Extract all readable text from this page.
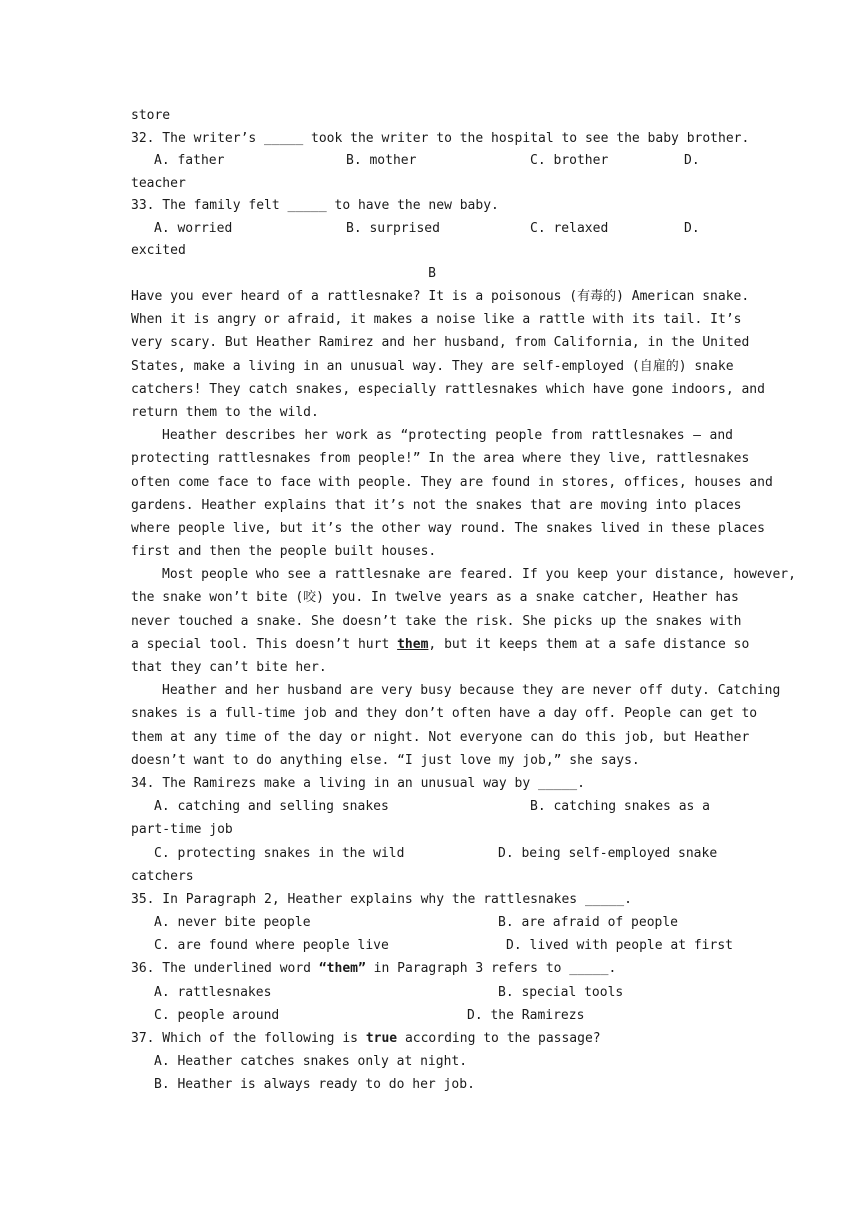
store
32. The writer’s _____ took the writer to the hospital to see the baby brother.
A. father	B. mother	C. brother	D.
teacher
33. The family felt _____ to have the new baby.
A. worried	B. surprised	C. relaxed	D.
excited
B
Have you ever heard of a rattlesnake? It is a poisonous (有毒的) American snake.
When it is angry or afraid, it makes a noise like a rattle with its tail. It’s
very scary. But Heather Ramirez and her husband, from California, in the United
States, make a living in an unusual way. They are self-employed (自雇的) snake
catchers! They catch snakes, especially rattlesnakes which have gone indoors, and
return them to the wild.
Heather describes her work as “protecting people from rattlesnakes — and
protecting rattlesnakes from people!” In the area where they live, rattlesnakes
often come face to face with people. They are found in stores, offices, houses and
gardens. Heather explains that it’s not the snakes that are moving into places
where people live, but it’s the other way round. The snakes lived in these places
first and then the people built houses.
Most people who see a rattlesnake are feared. If you keep your distance, however,
the snake won’t bite (咬) you. In twelve years as a snake catcher, Heather has
never touched a snake. She doesn’t take the risk. She picks up the snakes with
a special tool. This doesn’t hurt them, but it keeps them at a safe distance so
that they can’t bite her.
Heather and her husband are very busy because they are never off duty. Catching
snakes is a full-time job and they don’t often have a day off. People can get to
them at any time of the day or night. Not everyone can do this job, but Heather
doesn’t want to do anything else. “I just love my job,” she says.
34. The Ramirezs make a living in an unusual way by _____.
A. catching and selling snakes	B. catching snakes as a
part-time job
C. protecting snakes in the wild	D. being self-employed snake
catchers
35. In Paragraph 2, Heather explains why the rattlesnakes _____.
A. never bite people	B. are afraid of people
C. are found where people live	D. lived with people at first
36. The underlined word “them” in Paragraph 3 refers to _____.
A. rattlesnakes	B. special tools
C. people around	D. the Ramirezs
37. Which of the following is true according to the passage?
A. Heather catches snakes only at night.
B. Heather is always ready to do her job.
